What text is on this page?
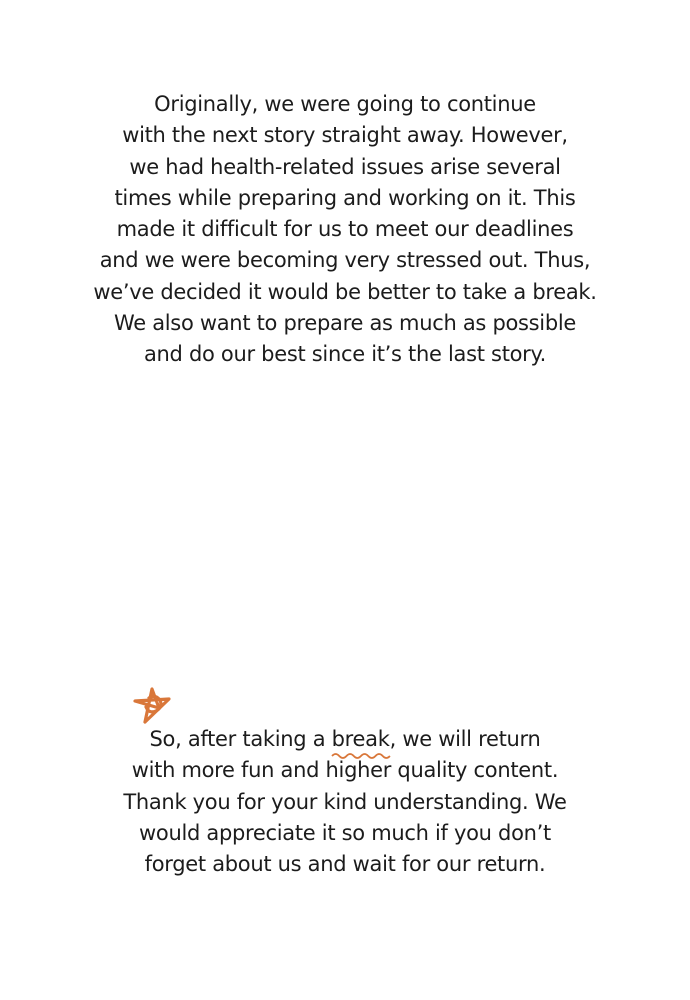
Originally, we were going to continue
with the next story straight away. However,
we had health-related issues arise several
times while preparing and working on it. This
made it difficult for us to meet our deadlines
and we were becoming very stressed out. Thus,
we’ve decided it would be better to take a break.
We also want to prepare as much as possible
and do our best since it’s the last story.
So, after taking a break
, we will return
with more fun and higher quality content.
Thank you for your kind understanding. We
would appreciate it so much if you don’t
forget about us and wait for our return.
